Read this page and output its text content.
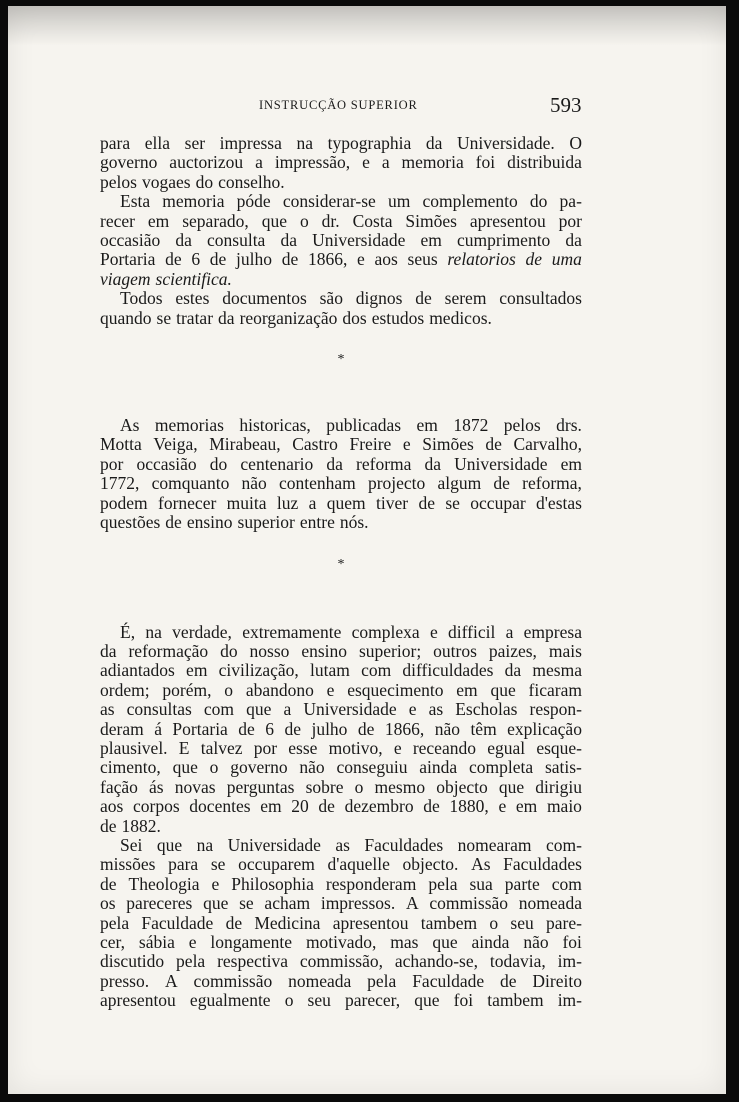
INSTRUCÇÃO SUPERIOR	593
para ella ser impressa na typographia da Universidade. O
governo auctorizou a impressão, e a memoria foi distribuida
pelos vogaes do conselho.
Esta memoria póde considerar-se um complemento do pa-
recer em separado, que o dr. Costa Simões apresentou por
occasião da consulta da Universidade em cumprimento da
Portaria de 6 de julho de 1866, e aos seus relatorios de uma
viagem scientifica.
Todos estes documentos são dignos de serem consultados
quando se tratar da reorganização dos estudos medicos.
*
As memorias historicas, publicadas em 1872 pelos drs.
Motta Veiga, Mirabeau, Castro Freire e Simões de Carvalho,
por occasião do centenario da reforma da Universidade em
1772, comquanto não contenham projecto algum de reforma,
podem fornecer muita luz a quem tiver de se occupar d'estas
questões de ensino superior entre nós.
*
É, na verdade, extremamente complexa e difficil a empresa
da reformação do nosso ensino superior; outros paizes, mais
adiantados em civilização, lutam com difficuldades da mesma
ordem; porém, o abandono e esquecimento em que ficaram
as consultas com que a Universidade e as Escholas respon-
deram á Portaria de 6 de julho de 1866, não têm explicação
plausivel. E talvez por esse motivo, e receando egual esque-
cimento, que o governo não conseguiu ainda completa satis-
fação ás novas perguntas sobre o mesmo objecto que dirigiu
aos corpos docentes em 20 de dezembro de 1880, e em maio
de 1882.
Sei que na Universidade as Faculdades nomearam com-
missões para se occuparem d'aquelle objecto. As Faculdades
de Theologia e Philosophia responderam pela sua parte com
os pareceres que se acham impressos. A commissão nomeada
pela Faculdade de Medicina apresentou tambem o seu pare-
cer, sábia e longamente motivado, mas que ainda não foi
discutido pela respectiva commissão, achando-se, todavia, im-
presso. A commissão nomeada pela Faculdade de Direito
apresentou egualmente o seu parecer, que foi tambem im-
